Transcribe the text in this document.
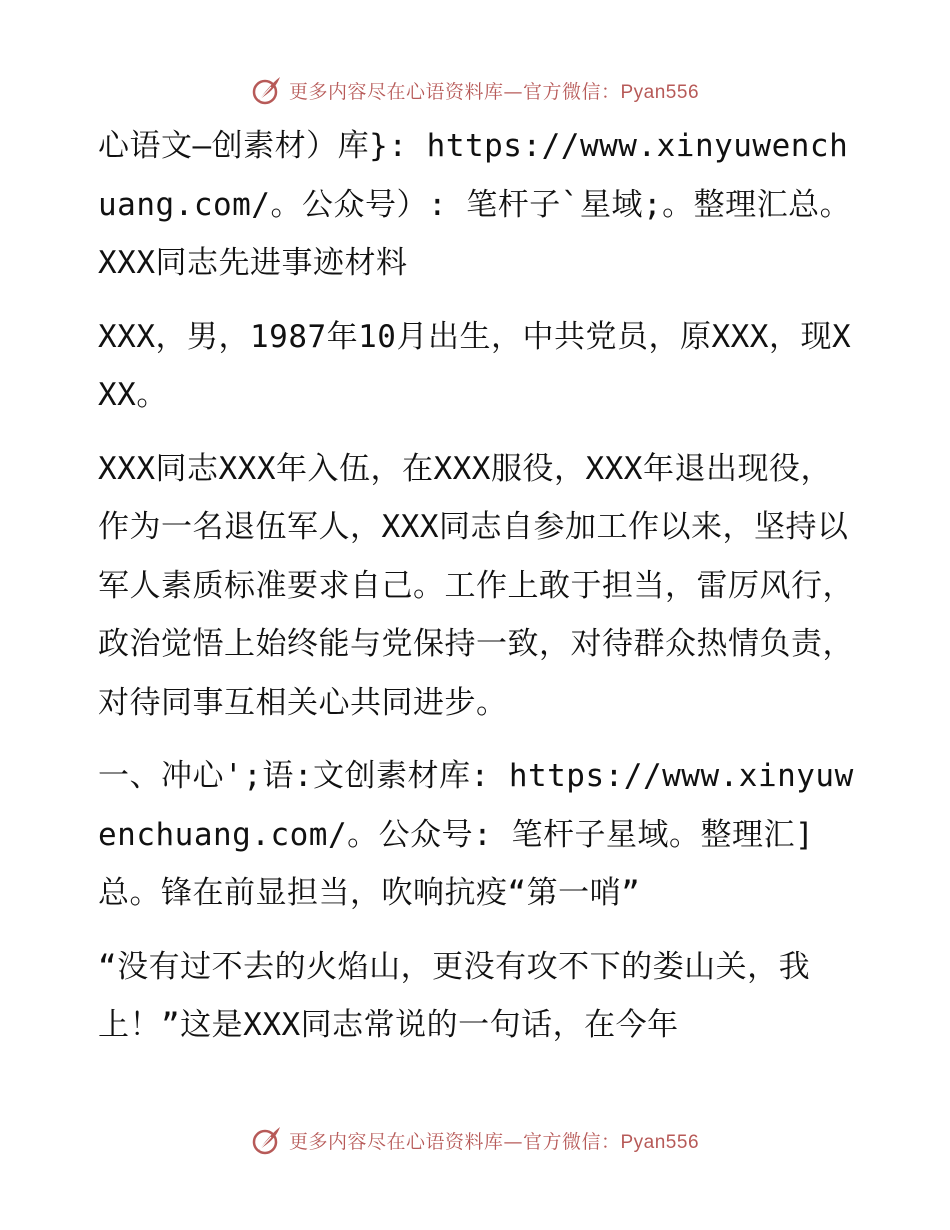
更多内容尽在心语资料库—官方微信：Pyan556

心语文—创素材）库}: https://www.xinyuwenchuang.com/。公众号）: 笔杆子`星域;。整理汇总。XXX同志先进事迹材料

XXX，男，1987年10月出生，中共党员，原XXX，现XXX。

XXX同志XXX年入伍，在XXX服役，XXX年退出现役，作为一名退伍军人，XXX同志自参加工作以来，坚持以军人素质标准要求自己。工作上敢于担当，雷厉风行，政治觉悟上始终能与党保持一致，对待群众热情负责，对待同事互相关心共同进步。

一、冲心';语:文创素材库: https://www.xinyuwenchuang.com/。公众号: 笔杆子星域。整理汇]总。锋在前显担当，吹响抗疫“第一哨”

“没有过不去的火焰山，更没有攻不下的娄山关，我上！”这是XXX同志常说的一句话，在今年

更多内容尽在心语资料库—官方微信：Pyan556
